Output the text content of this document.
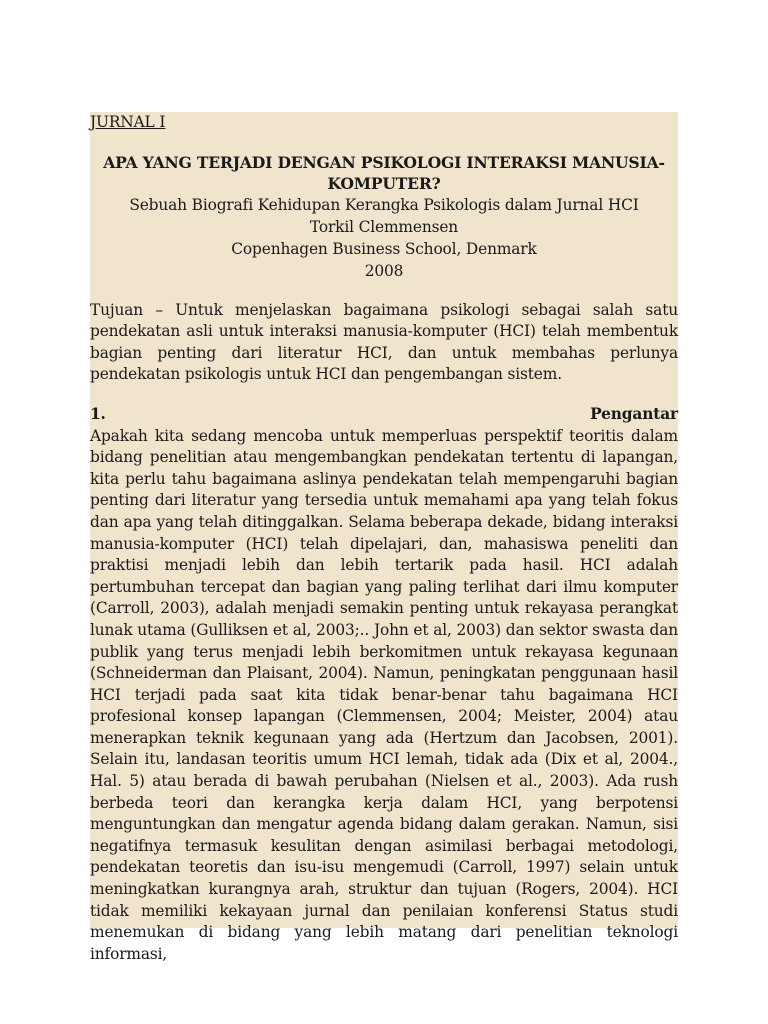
JURNAL I

APA YANG TERJADI DENGAN PSIKOLOGI INTERAKSI MANUSIA-KOMPUTER?

Sebuah Biografi Kehidupan Kerangka Psikologis dalam Jurnal HCI

Torkil Clemmensen

Copenhagen Business School, Denmark

2008

Tujuan – Untuk menjelaskan bagaimana psikologi sebagai salah satu pendekatan asli untuk interaksi manusia-komputer (HCI) telah membentuk bagian penting dari literatur HCI, dan untuk membahas perlunya pendekatan psikologis untuk HCI dan pengembangan sistem.

1.	Pengantar

Apakah kita sedang mencoba untuk memperluas perspektif teoritis dalam bidang penelitian atau mengembangkan pendekatan tertentu di lapangan, kita perlu tahu bagaimana aslinya pendekatan telah mempengaruhi bagian penting dari literatur yang tersedia untuk memahami apa yang telah fokus dan apa yang telah ditinggalkan. Selama beberapa dekade, bidang interaksi manusia-komputer (HCI) telah dipelajari, dan, mahasiswa peneliti dan praktisi menjadi lebih dan lebih tertarik pada hasil. HCI adalah pertumbuhan tercepat dan bagian yang paling terlihat dari ilmu komputer (Carroll, 2003), adalah menjadi semakin penting untuk rekayasa perangkat lunak utama (Gulliksen et al, 2003;.. John et al, 2003) dan sektor swasta dan publik yang terus menjadi lebih berkomitmen untuk rekayasa kegunaan (Schneiderman dan Plaisant, 2004). Namun, peningkatan penggunaan hasil HCI terjadi pada saat kita tidak benar-benar tahu bagaimana HCI profesional konsep lapangan (Clemmensen, 2004; Meister, 2004) atau menerapkan teknik kegunaan yang ada (Hertzum dan Jacobsen, 2001). Selain itu, landasan teoritis umum HCI lemah, tidak ada (Dix et al, 2004., Hal. 5) atau berada di bawah perubahan (Nielsen et al., 2003). Ada rush berbeda teori dan kerangka kerja dalam HCI, yang berpotensi menguntungkan dan mengatur agenda bidang dalam gerakan. Namun, sisi negatifnya termasuk kesulitan dengan asimilasi berbagai metodologi, pendekatan teoretis dan isu-isu mengemudi (Carroll, 1997) selain untuk meningkatkan kurangnya arah, struktur dan tujuan (Rogers, 2004). HCI tidak memiliki kekayaan jurnal dan penilaian konferensi Status studi menemukan di bidang yang lebih matang dari penelitian teknologi informasi,
